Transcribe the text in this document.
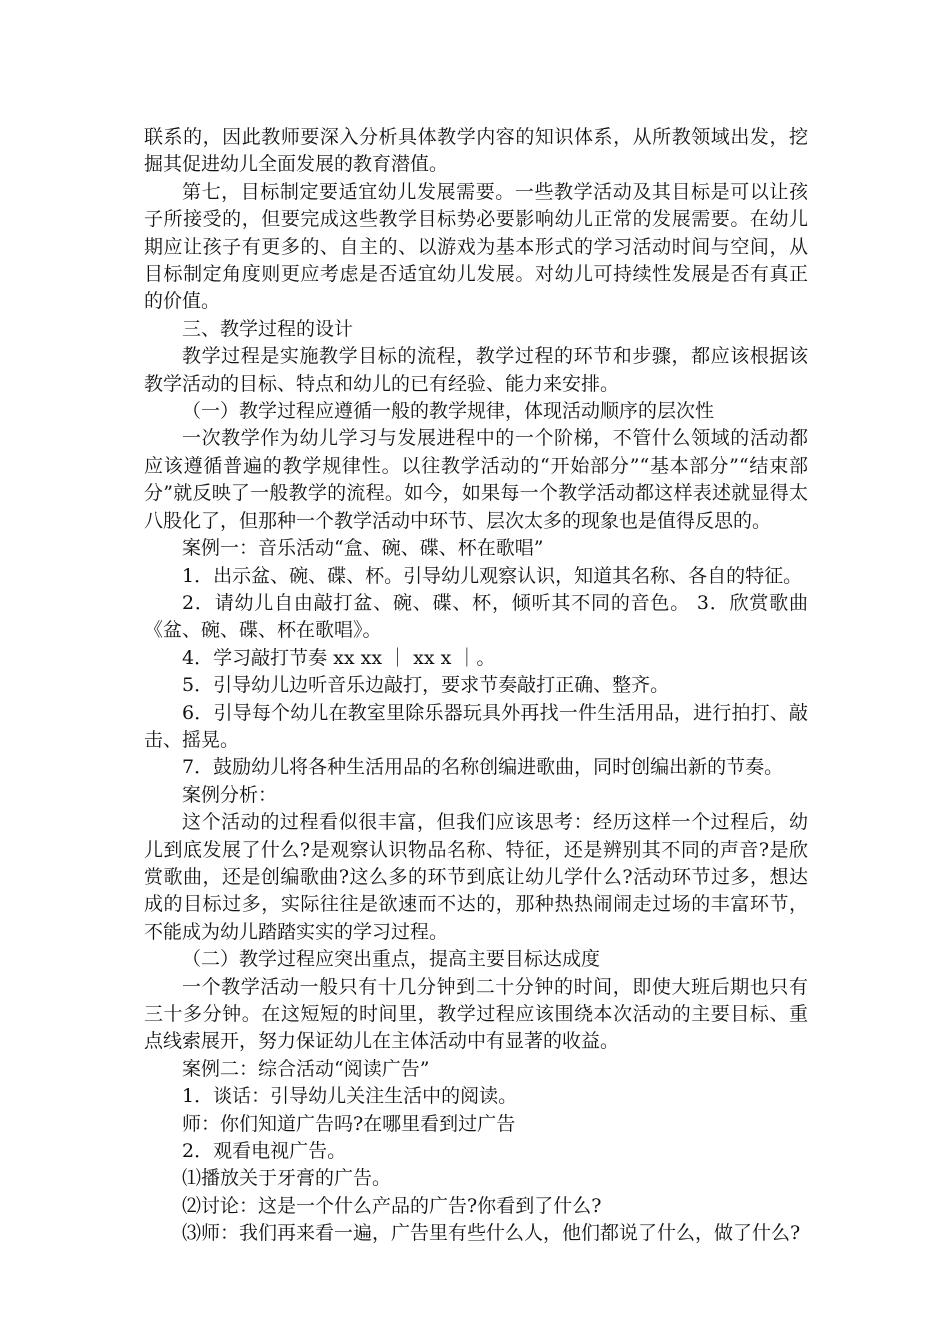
联系的，因此教师要深入分析具体教学内容的知识体系，从所教领域出发，挖掘其促进幼儿全面发展的教育潜值。

第七，目标制定要适宜幼儿发展需要。一些教学活动及其目标是可以让孩子所接受的，但要完成这些教学目标势必要影响幼儿正常的发展需要。在幼儿期应让孩子有更多的、自主的、以游戏为基本形式的学习活动时间与空间，从目标制定角度则更应考虑是否适宜幼儿发展。对幼儿可持续性发展是否有真正的价值。

三、教学过程的设计

教学过程是实施教学目标的流程，教学过程的环节和步骤，都应该根据该教学活动的目标、特点和幼儿的已有经验、能力来安排。

（一）教学过程应遵循一般的教学规律，体现活动顺序的层次性

一次教学作为幼儿学习与发展进程中的一个阶梯，不管什么领域的活动都应该遵循普遍的教学规律性。以往教学活动的“开始部分”“基本部分”“结束部分”就反映了一般教学的流程。如今，如果每一个教学活动都这样表述就显得太八股化了，但那种一个教学活动中环节、层次太多的现象也是值得反思的。

案例一：音乐活动“盒、碗、碟、杯在歌唱”

1．出示盆、碗、碟、杯。引导幼儿观察认识，知道其名称、各自的特征。

2．请幼儿自由敲打盆、碗、碟、杯，倾听其不同的音色。 3．欣赏歌曲《盆、碗、碟、杯在歌唱》。

4．学习敲打节奏 xx xx ｜ xx x ｜。

5．引导幼儿边听音乐边敲打，要求节奏敲打正确、整齐。

6．引导每个幼儿在教室里除乐器玩具外再找一件生活用品，进行拍打、敲击、摇晃。

7．鼓励幼儿将各种生活用品的名称创编进歌曲，同时创编出新的节奏。

案例分析：

这个活动的过程看似很丰富，但我们应该思考：经历这样一个过程后，幼儿到底发展了什么?是观察认识物品名称、特征，还是辨别其不同的声音?是欣赏歌曲，还是创编歌曲?这么多的环节到底让幼儿学什么?活动环节过多，想达成的目标过多，实际往往是欲速而不达的，那种热热闹闹走过场的丰富环节，不能成为幼儿踏踏实实的学习过程。

（二）教学过程应突出重点，提高主要目标达成度

一个教学活动一般只有十几分钟到二十分钟的时间，即使大班后期也只有三十多分钟。在这短短的时间里，教学过程应该围绕本次活动的主要目标、重点线索展开，努力保证幼儿在主体活动中有显著的收益。

案例二：综合活动“阅读广告”

1．谈话：引导幼儿关注生活中的阅读。

师：你们知道广告吗?在哪里看到过广告

2．观看电视广告。

⑴播放关于牙膏的广告。

⑵讨论：这是一个什么产品的广告?你看到了什么?

⑶师：我们再来看一遍，广告里有些什么人，他们都说了什么，做了什么?
